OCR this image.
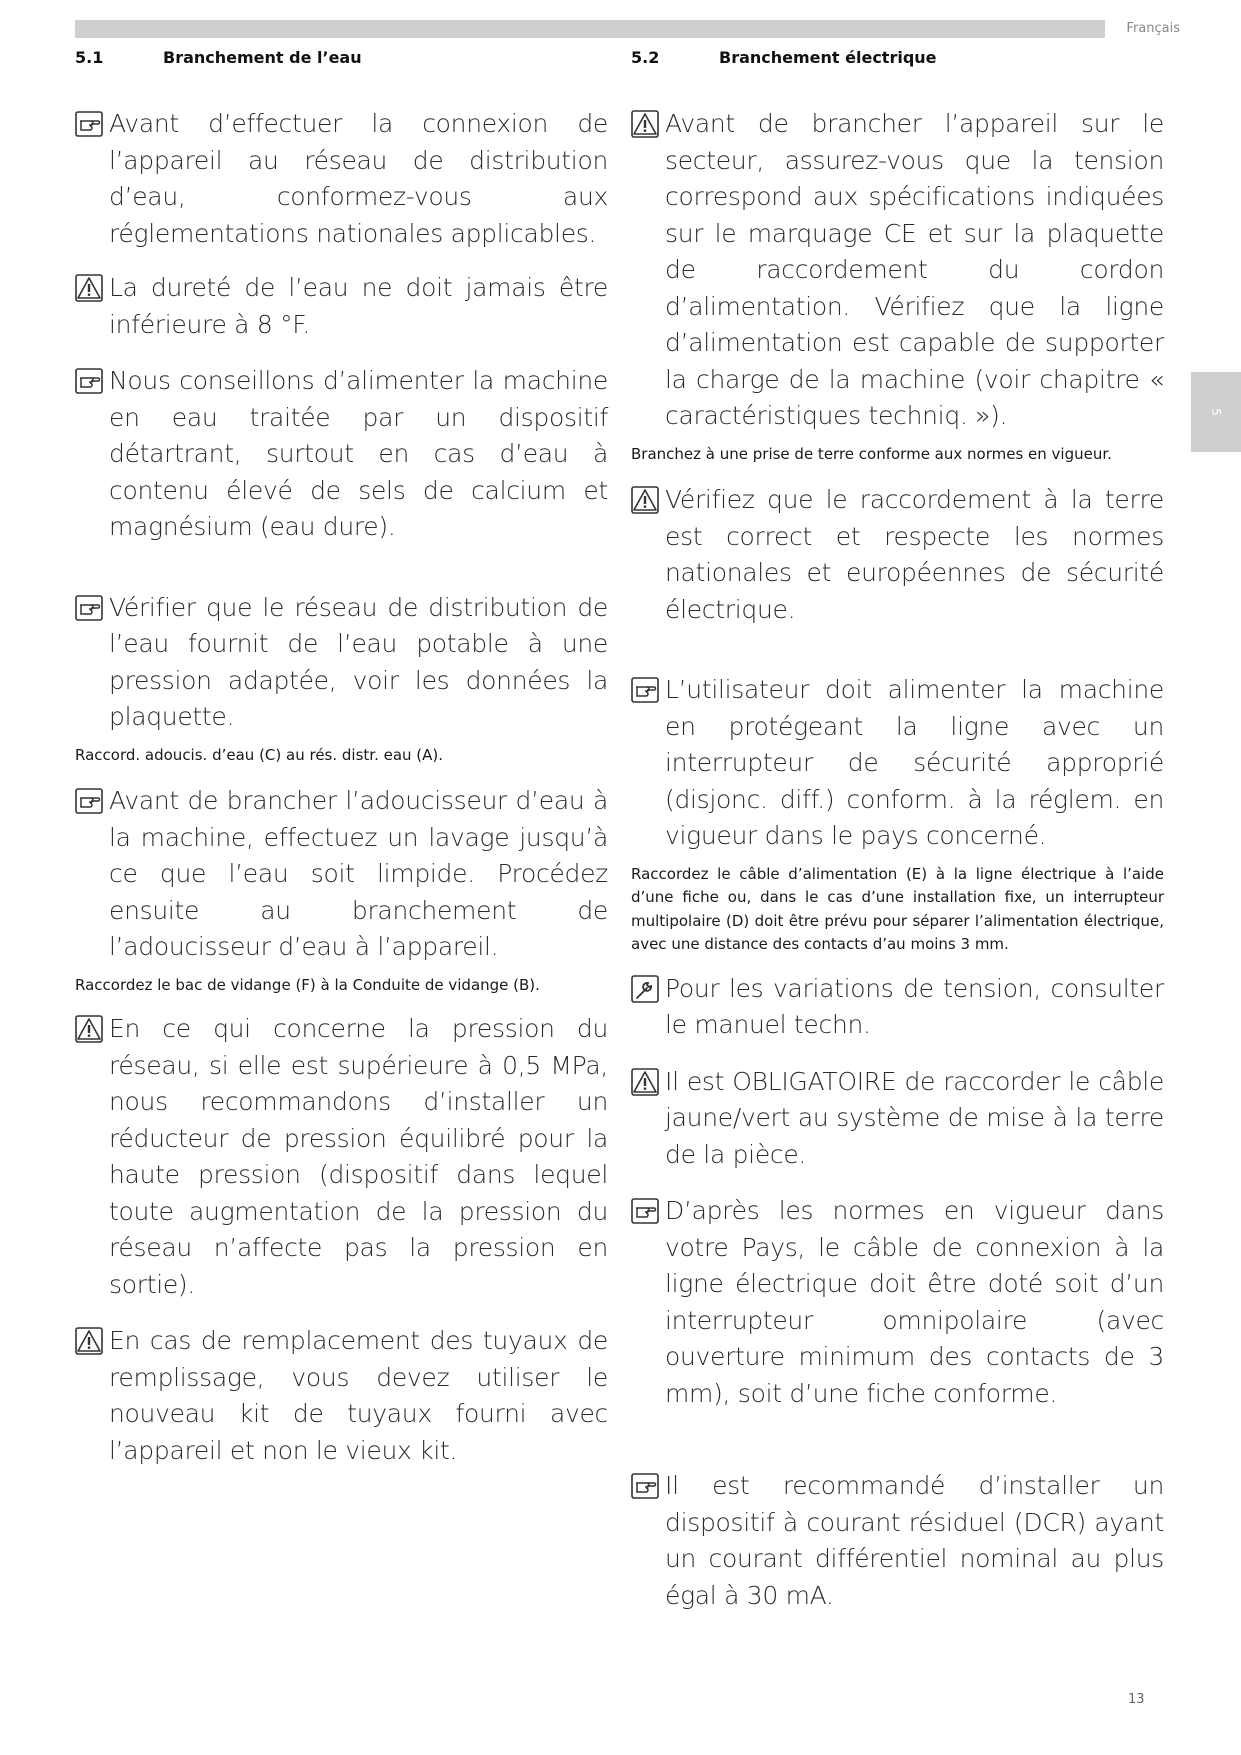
Français
5
5.1	Branchement de l’eau
Avant d’effectuer la connexion de l’appareil au réseau de distribution d’eau, conformez-vous aux réglementations nationales applicables.
La dureté de l’eau ne doit jamais être inférieure à 8 °F.
Nous conseillons d’alimenter la machine en eau traitée par un dispositif détartrant, surtout en cas d’eau à contenu élevé de sels de calcium et magnésium (eau dure).
Vérifier que le réseau de distribution de l’eau fournit de l’eau potable à une pression adaptée, voir les données la plaquette.
Raccord. adoucis. d’eau (C) au rés. distr. eau (A).
Avant de brancher l’adoucisseur d’eau à la machine, effectuez un lavage jusqu’à ce que l’eau soit limpide. Procédez ensuite au branchement de l’adoucisseur d’eau à l’appareil.
Raccordez le bac de vidange (F) à la Conduite de vidange (B).
En ce qui concerne la pression du réseau, si elle est supérieure à 0,5 MPa, nous recommandons d’installer un réducteur de pression équilibré pour la haute pression (dispositif dans lequel toute augmentation de la pression du réseau n’affecte pas la pression en sortie).
En cas de remplacement des tuyaux de remplissage, vous devez utiliser le nouveau kit de tuyaux fourni avec l’appareil et non le vieux kit.
5.2	Branchement électrique
Avant de brancher l’appareil sur le secteur, assurez-vous que la tension correspond aux spécifications indiquées sur le marquage CE et sur la plaquette de raccordement du cordon d’alimentation. Vérifiez que la ligne d’alimentation est capable de supporter la charge de la machine (voir chapitre « caractéristiques techniq. »).
Branchez à une prise de terre conforme aux normes en vigueur.
Vérifiez que le raccordement à la terre est correct et respecte les normes nationales et européennes de sécurité électrique.
L’utilisateur doit alimenter la machine en protégeant la ligne avec un interrupteur de sécurité approprié (disjonc. diff.) conform. à la réglem. en vigueur dans le pays concerné.
Raccordez le câble d’alimentation (E) à la ligne électrique à l’aide d’une fiche ou, dans le cas d’une installation fixe, un interrupteur multipolaire (D) doit être prévu pour séparer l’alimentation électrique, avec une distance des contacts d’au moins 3 mm.
Pour les variations de tension, consulter le manuel techn.
Il est OBLIGATOIRE de raccorder le câble jaune/vert au système de mise à la terre de la pièce.
D’après les normes en vigueur dans votre Pays, le câble de connexion à la ligne électrique doit être doté soit d’un interrupteur omnipolaire (avec ouverture minimum des contacts de 3 mm), soit d’une fiche conforme.
Il est recommandé d’installer un dispositif à courant résiduel (DCR) ayant un courant différentiel nominal au plus égal à 30 mA.
13
